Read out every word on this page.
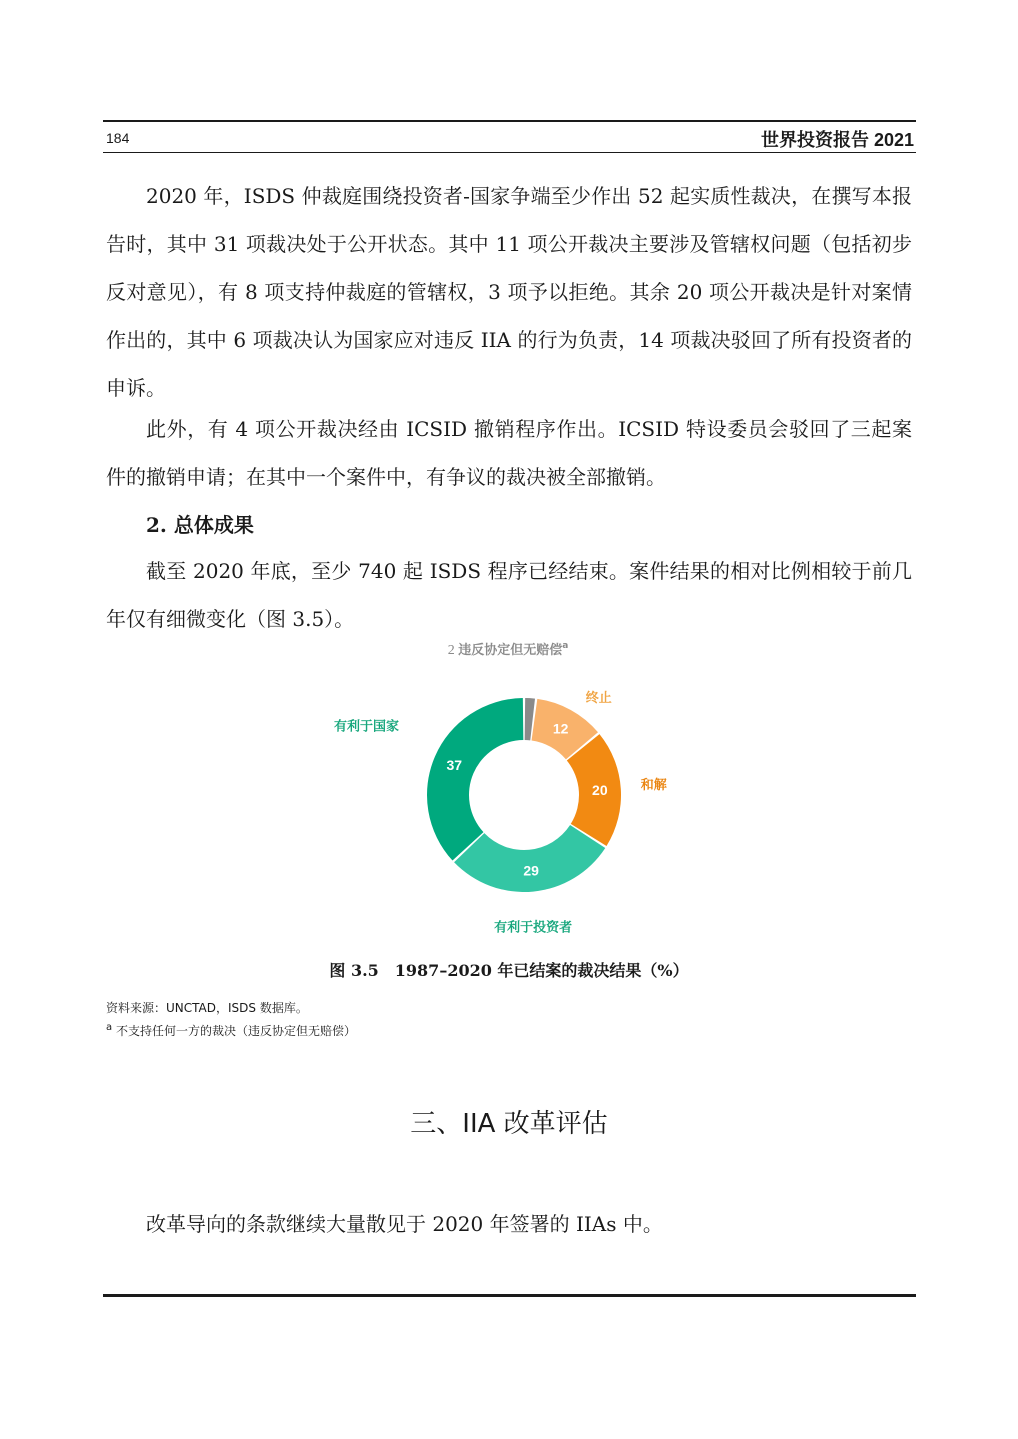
184	世界投资报告 2021

2020 年，ISDS 仲裁庭围绕投资者-国家争端至少作出 52 起实质性裁决，在撰写本报告时，其中 31 项裁决处于公开状态。其中 11 项公开裁决主要涉及管辖权问题（包括初步反对意见），有 8 项支持仲裁庭的管辖权，3 项予以拒绝。其余 20 项公开裁决是针对案情作出的，其中 6 项裁决认为国家应对违反 IIA 的行为负责，14 项裁决驳回了所有投资者的申诉。

此外，有 4 项公开裁决经由 ICSID 撤销程序作出。ICSID 特设委员会驳回了三起案件的撤销申请；在其中一个案件中，有争议的裁决被全部撤销。

2. 总体成果

截至 2020 年底，至少 740 起 ISDS 程序已经结束。案件结果的相对比例相较于前几年仅有细微变化（图 3.5）。

12
20
29
37
2 违反协定但无赔偿$^a$
终止
和解
有利于投资者
有利于国家
图 3.5　1987–2020 年已结案的裁决结果（%）
资料来源：UNCTAD，ISDS 数据库。
$^a$ 不支持任何一方的裁决（违反协定但无赔偿）
三、IIA 改革评估

改革导向的条款继续大量散见于 2020 年签署的 IIAs 中。
